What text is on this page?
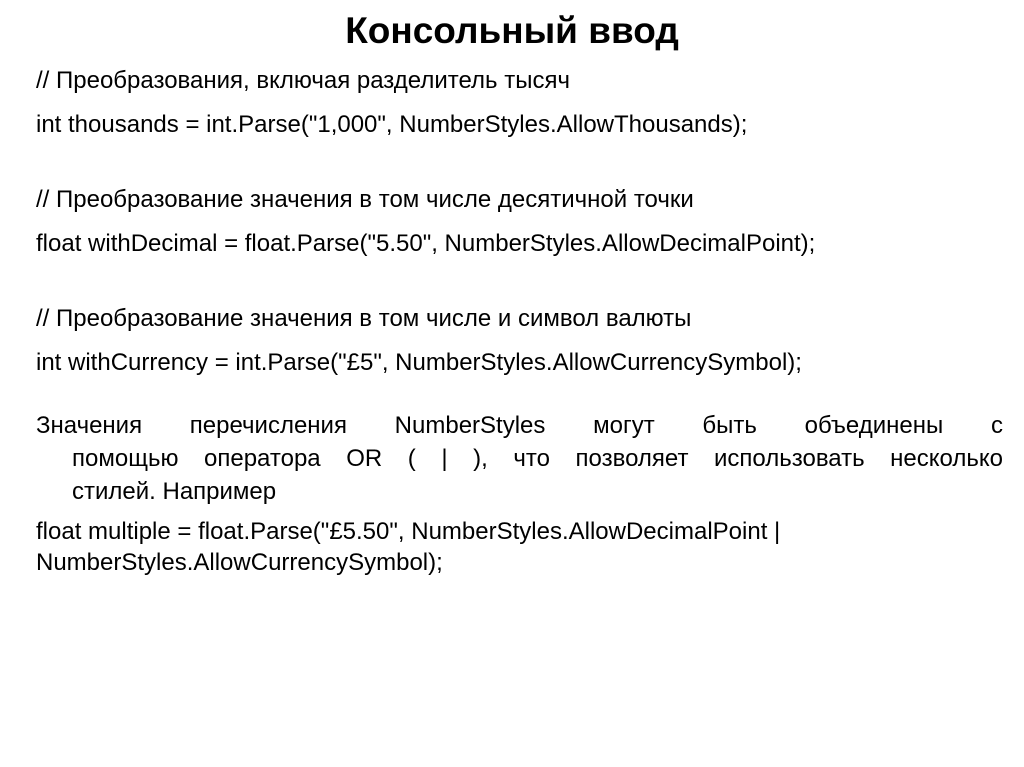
Консольный ввод
// Преобразования, включая разделитель тысяч
int thousands = int.Parse("1,000", NumberStyles.AllowThousands);
// Преобразование значения в том числе десятичной точки
float withDecimal = float.Parse("5.50", NumberStyles.AllowDecimalPoint);
// Преобразование значения в том числе и символ валюты
int withCurrency = int.Parse("£5", NumberStyles.AllowCurrencySymbol);
Значения перечисления NumberStyles могут быть объединены с
помощью оператора OR ( | ), что позволяет использовать несколько
стилей. Например
float multiple = float.Parse("£5.50", NumberStyles.AllowDecimalPoint |
NumberStyles.AllowCurrencySymbol);
